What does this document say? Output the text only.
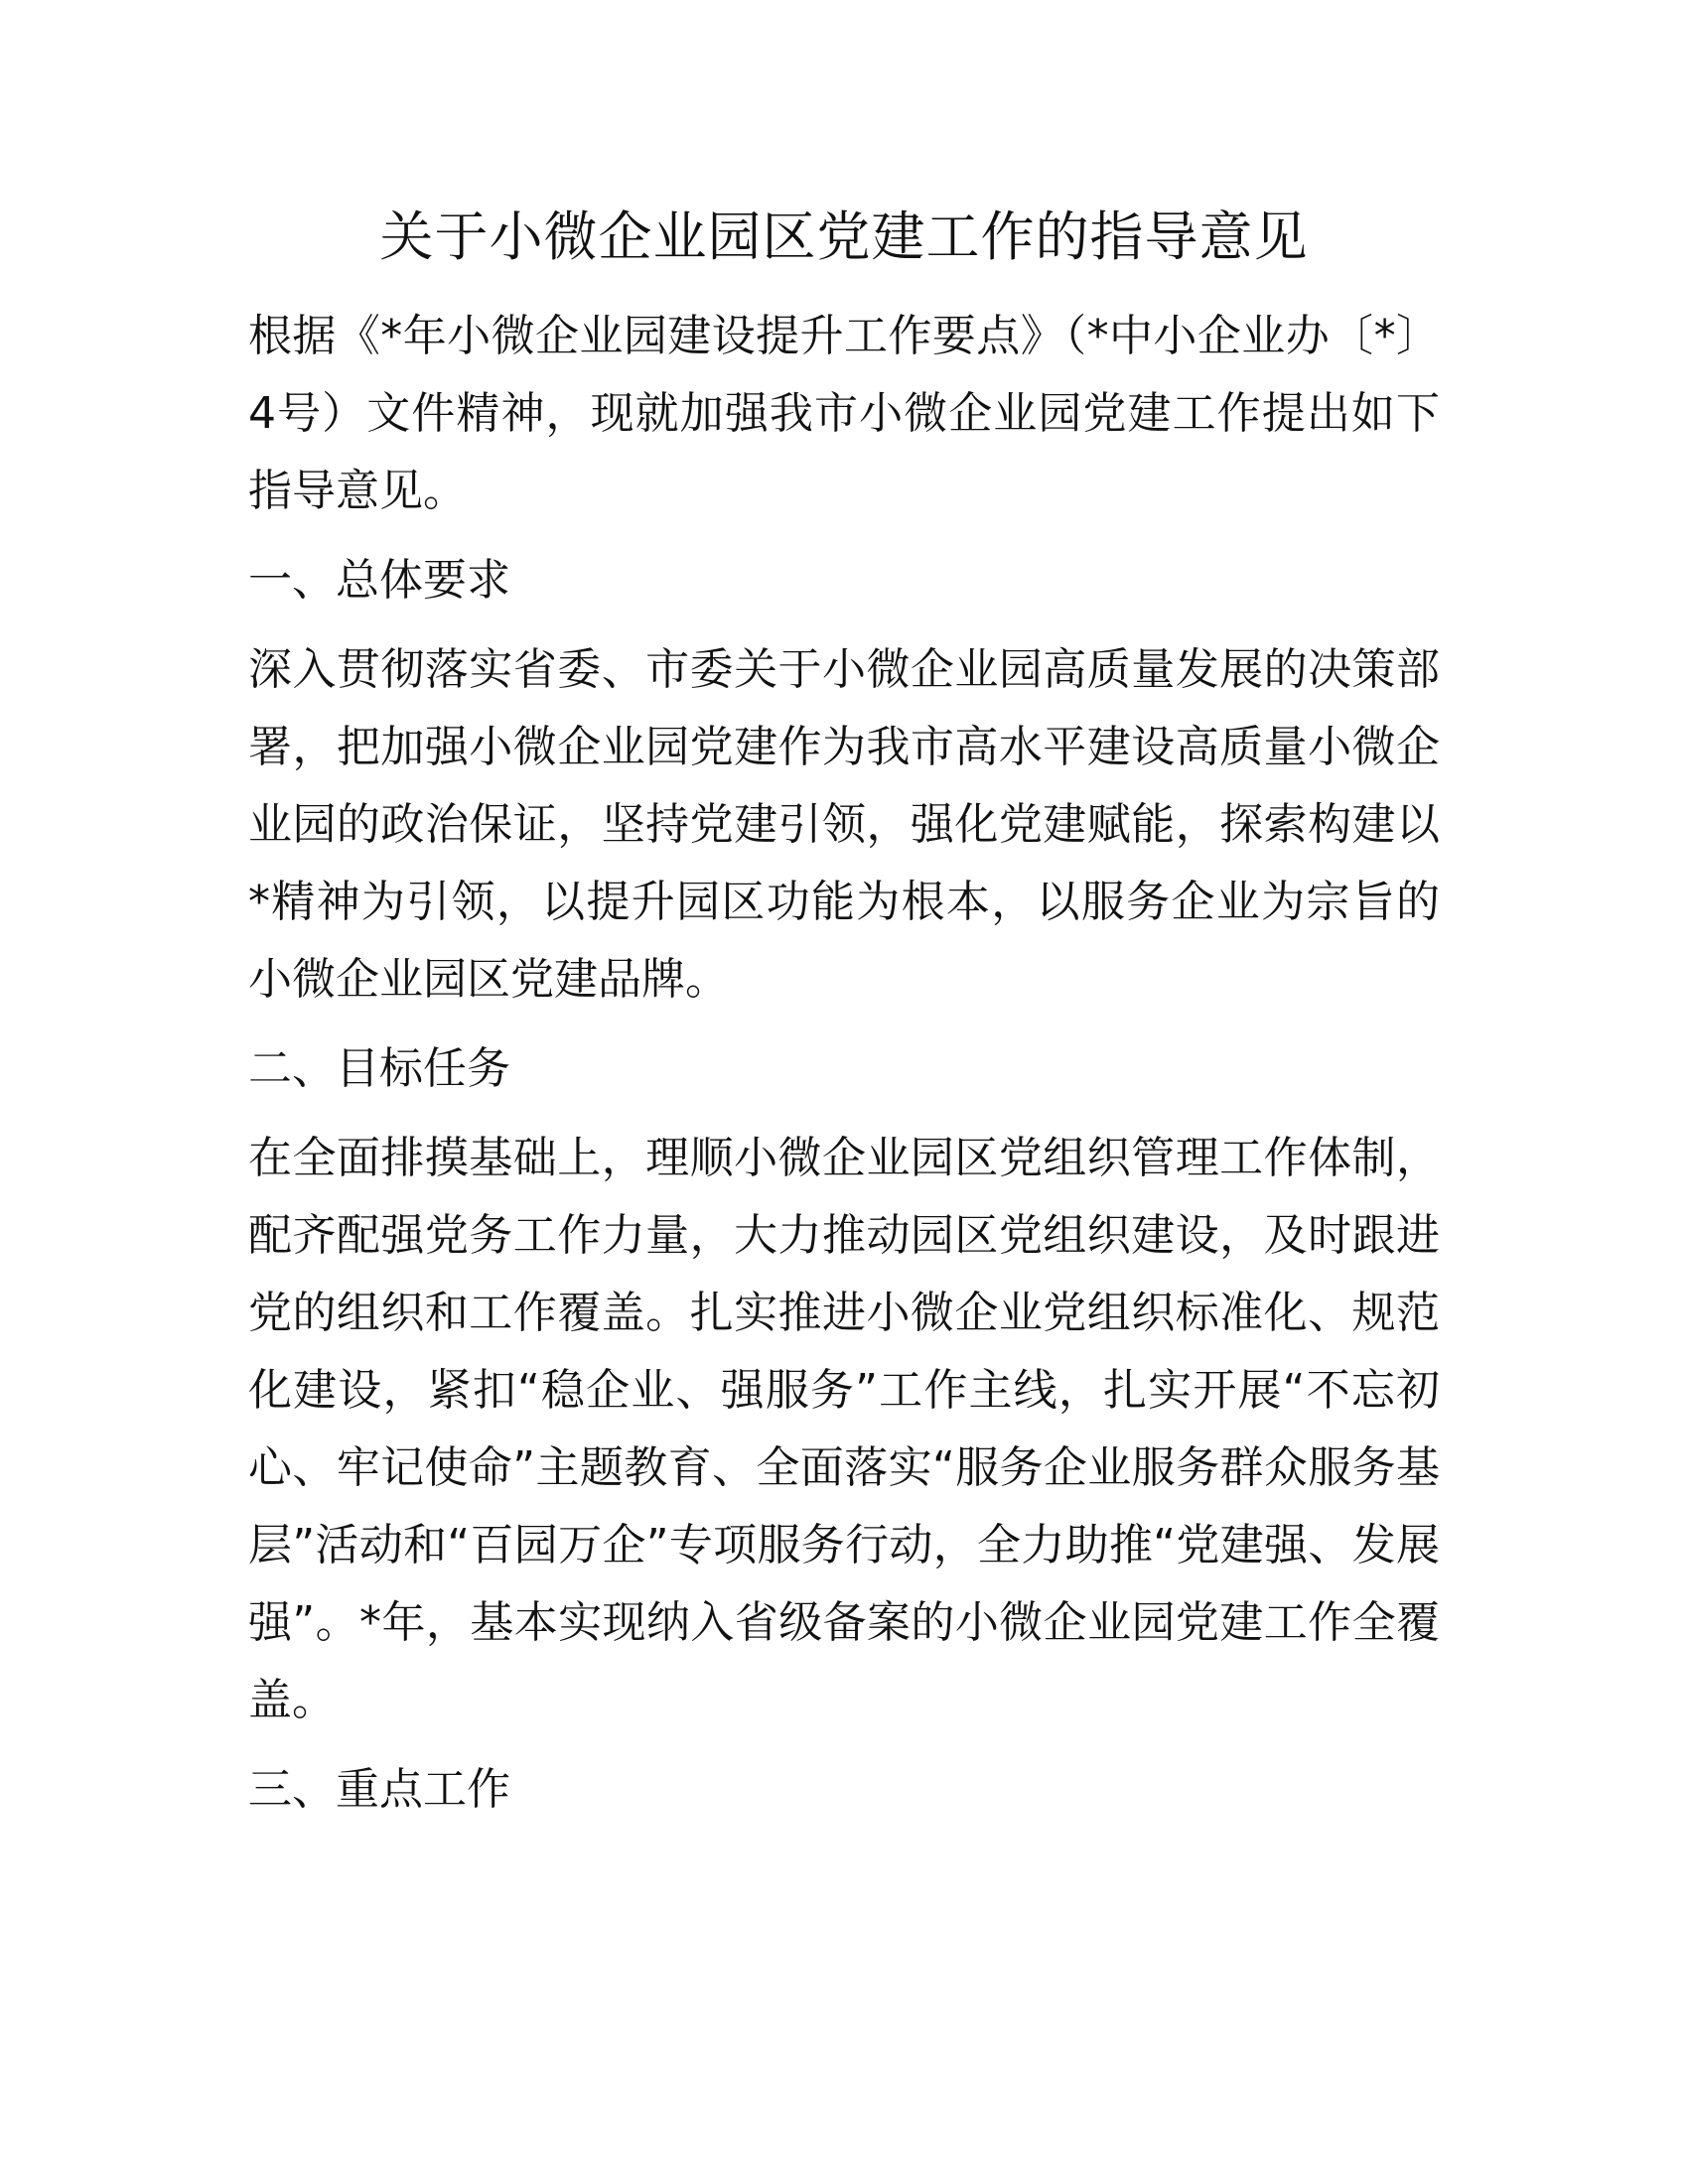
关于小微企业园区党建工作的指导意见

根据《*年小微企业园建设提升工作要点》（*中小企业办〔*〕4号）文件精神，现就加强我市小微企业园党建工作提出如下指导意见。

一、总体要求

深入贯彻落实省委、市委关于小微企业园高质量发展的决策部署，把加强小微企业园党建作为我市高水平建设高质量小微企业园的政治保证，坚持党建引领，强化党建赋能，探索构建以*精神为引领，以提升园区功能为根本，以服务企业为宗旨的小微企业园区党建品牌。

二、目标任务

在全面排摸基础上，理顺小微企业园区党组织管理工作体制，配齐配强党务工作力量，大力推动园区党组织建设，及时跟进党的组织和工作覆盖。扎实推进小微企业党组织标准化、规范化建设，紧扣“稳企业、强服务”工作主线，扎实开展“不忘初心、牢记使命”主题教育、全面落实“服务企业服务群众服务基层”活动和“百园万企”专项服务行动，全力助推“党建强、发展强”。*年，基本实现纳入省级备案的小微企业园党建工作全覆盖。

三、重点工作
